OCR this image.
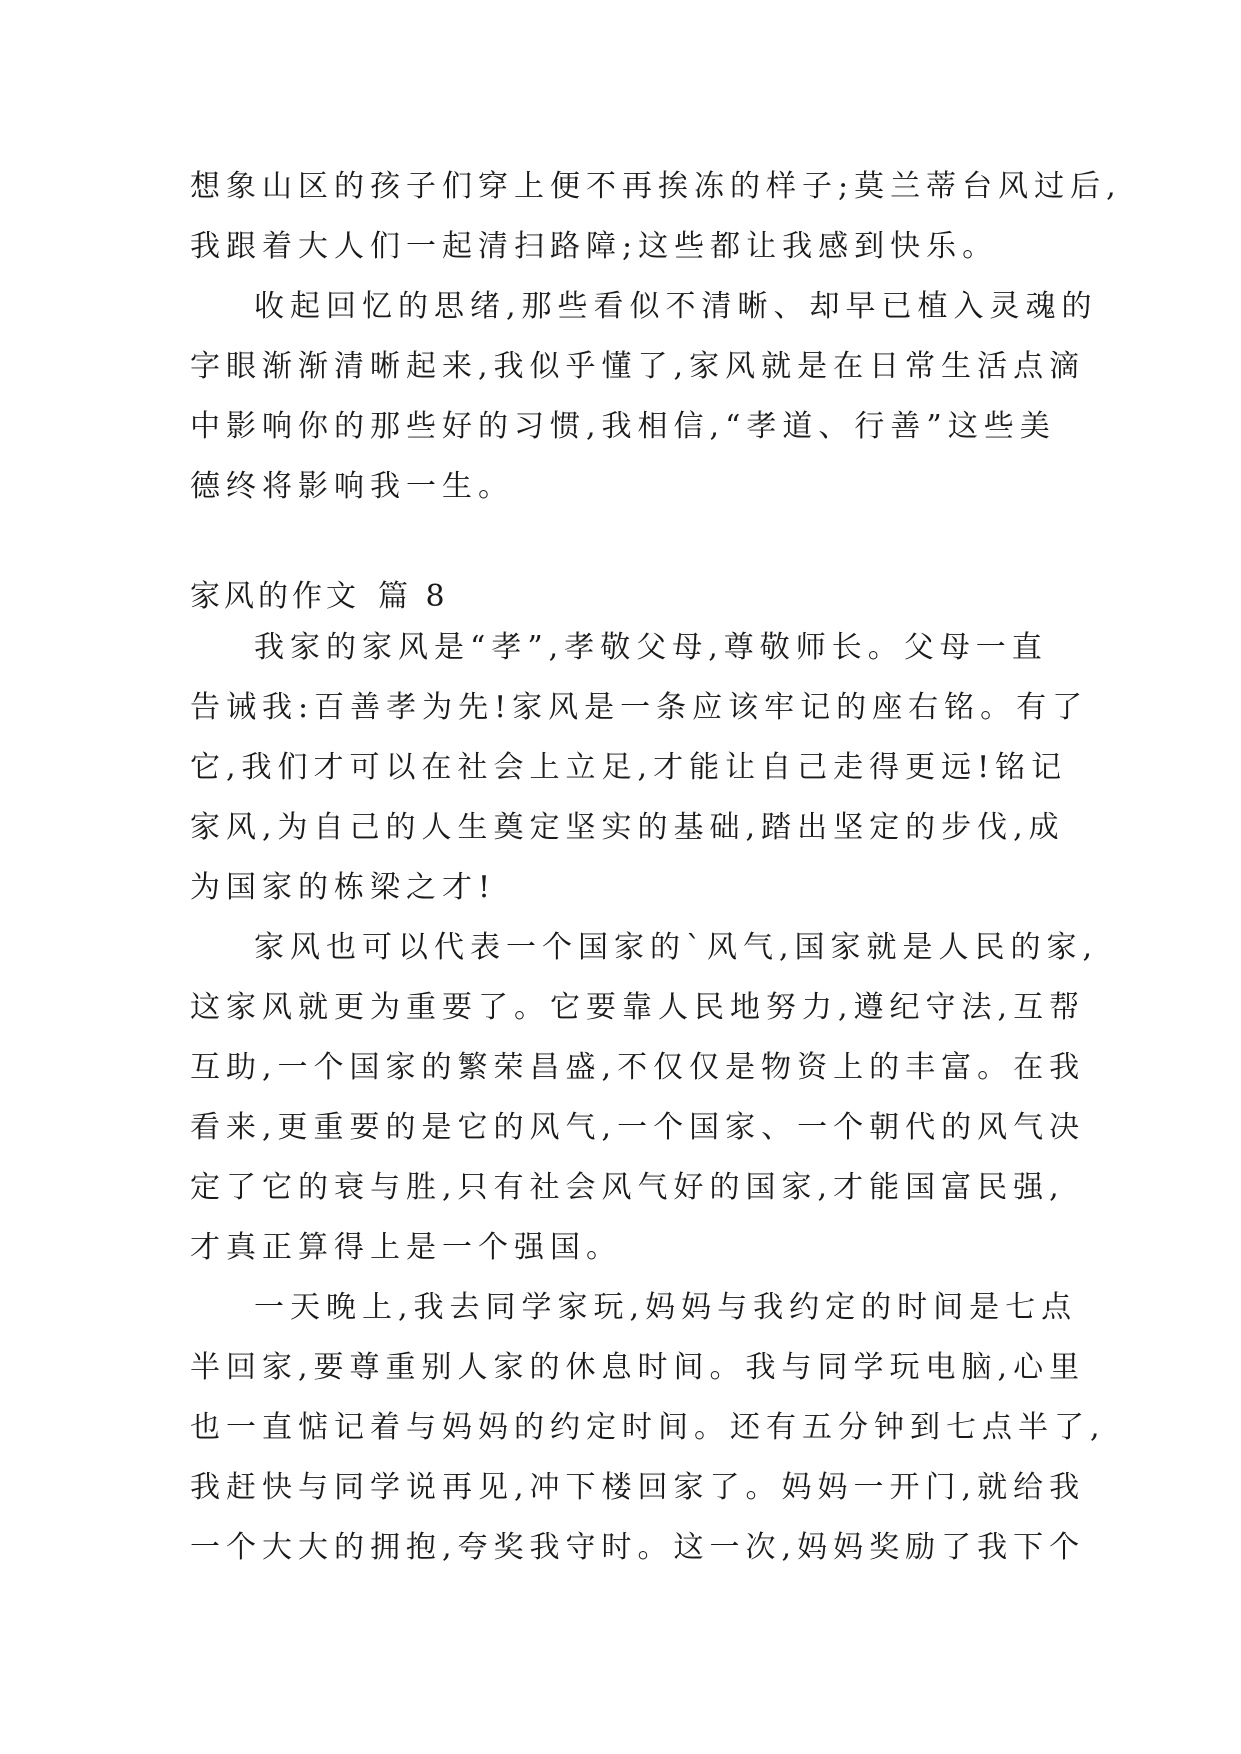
想象山区的孩子们穿上便不再挨冻的样子;莫兰蒂台风过后,
我跟着大人们一起清扫路障;这些都让我感到快乐。
收起回忆的思绪,那些看似不清晰、却早已植入灵魂的
字眼渐渐清晰起来,我似乎懂了,家风就是在日常生活点滴
中影响你的那些好的习惯,我相信,“孝道、行善”这些美
德终将影响我一生。
家风的作文 篇 8
我家的家风是“孝”,孝敬父母,尊敬师长。父母一直
告诫我:百善孝为先!家风是一条应该牢记的座右铭。有了
它,我们才可以在社会上立足,才能让自己走得更远!铭记
家风,为自己的人生奠定坚实的基础,踏出坚定的步伐,成
为国家的栋梁之才!
家风也可以代表一个国家的`风气,国家就是人民的家,
这家风就更为重要了。它要靠人民地努力,遵纪守法,互帮
互助,一个国家的繁荣昌盛,不仅仅是物资上的丰富。在我
看来,更重要的是它的风气,一个国家、一个朝代的风气决
定了它的衰与胜,只有社会风气好的国家,才能国富民强,
才真正算得上是一个强国。
一天晚上,我去同学家玩,妈妈与我约定的时间是七点
半回家,要尊重别人家的休息时间。我与同学玩电脑,心里
也一直惦记着与妈妈的约定时间。还有五分钟到七点半了,
我赶快与同学说再见,冲下楼回家了。妈妈一开门,就给我
一个大大的拥抱,夸奖我守时。这一次,妈妈奖励了我下个
